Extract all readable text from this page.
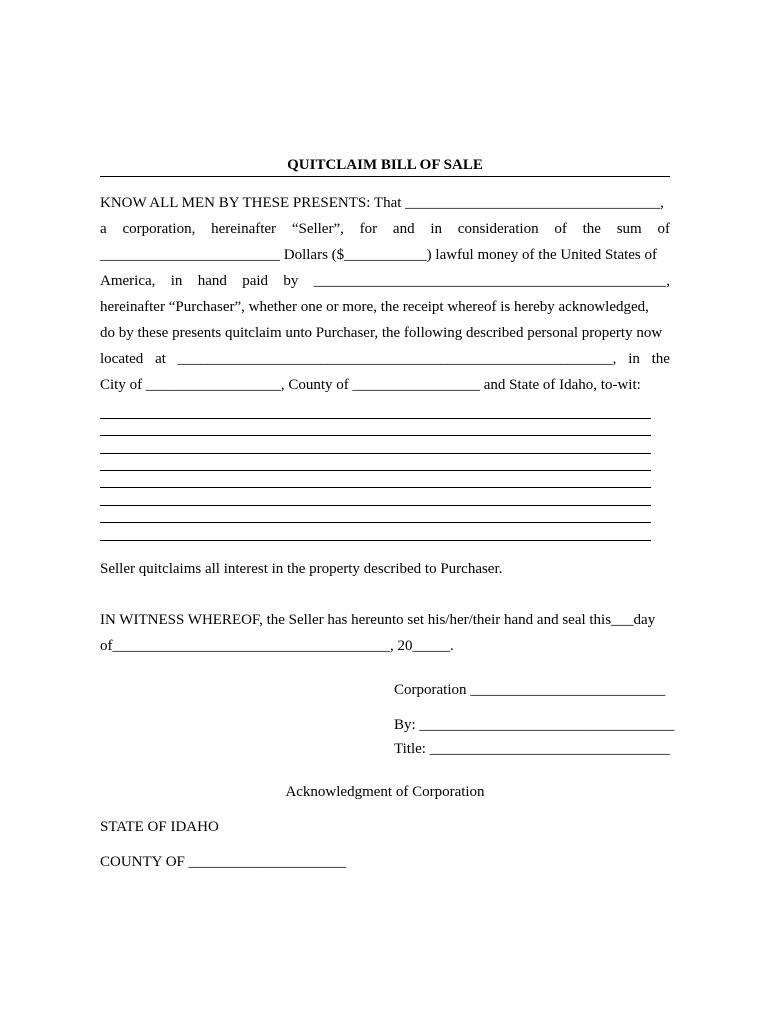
QUITCLAIM BILL OF SALE
KNOW ALL MEN BY THESE PRESENTS: That __________________________________,
a corporation, hereinafter “Seller”, for and in consideration of the sum of
________________________ Dollars ($___________) lawful money of the United States of
America, in hand paid by _______________________________________________,
hereinafter “Purchaser”, whether one or more, the receipt whereof is hereby acknowledged,
do by these presents quitclaim unto Purchaser, the following described personal property now
located at __________________________________________________________, in the
City of __________________, County of _________________ and State of Idaho, to-wit:
Seller quitclaims all interest in the property described to Purchaser.
IN WITNESS WHEREOF, the Seller has hereunto set his/her/their hand and seal this___day
of_____________________________________, 20_____.
Corporation __________________________
By: __________________________________
Title: ________________________________
Acknowledgment of Corporation
STATE OF IDAHO
COUNTY OF _____________________
